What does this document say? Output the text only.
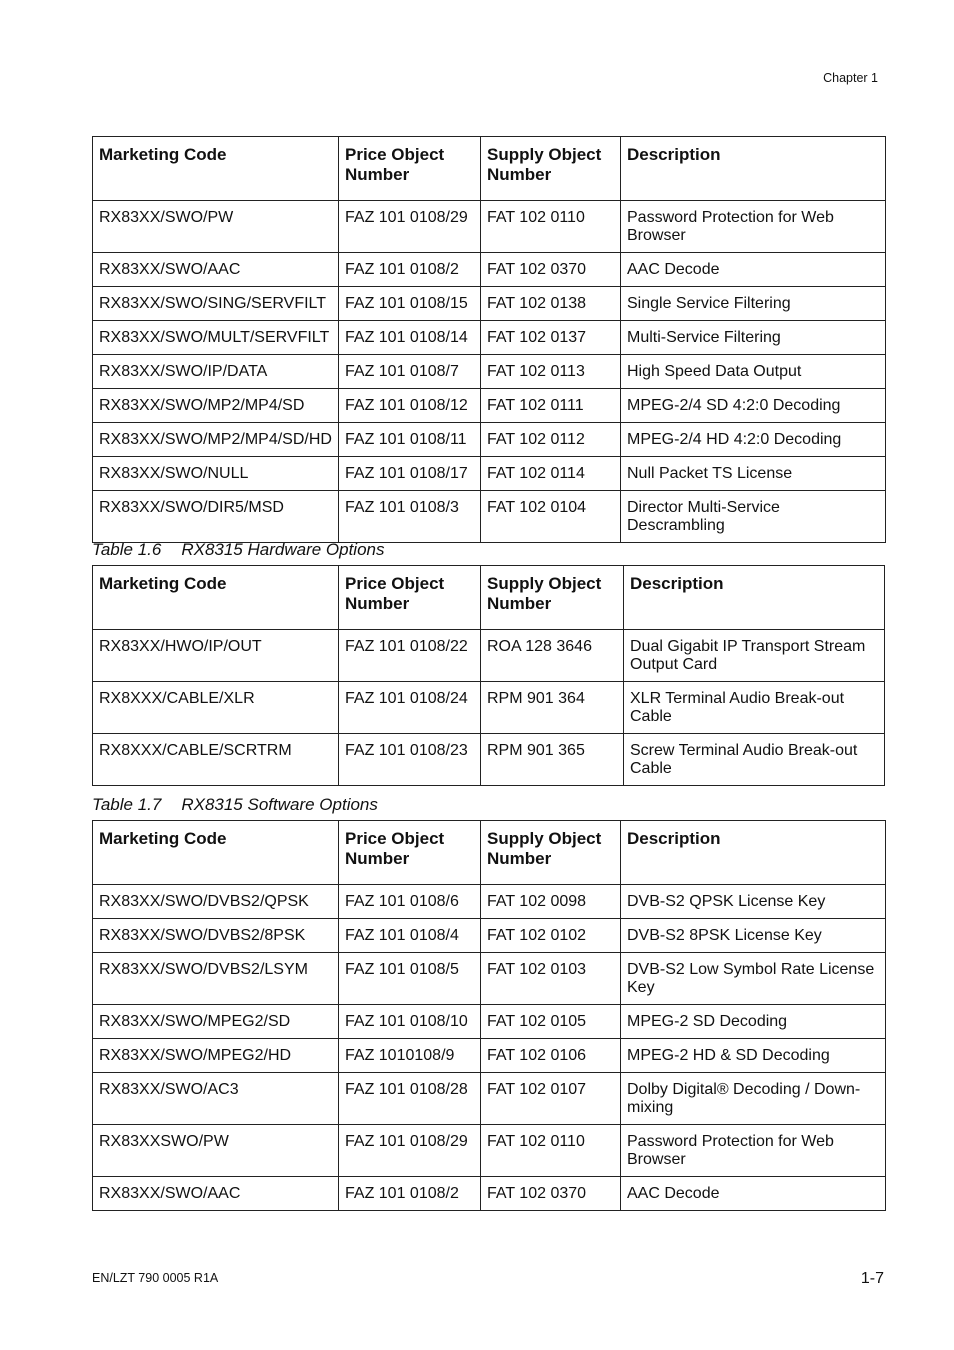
Chapter 1
Marketing Code	Price Object Number	Supply Object Number	Description
RX83XX/SWO/PW	FAZ 101 0108/29	FAT 102 0110	Password Protection for Web Browser
RX83XX/SWO/AAC	FAZ 101 0108/2	FAT 102 0370	AAC Decode
RX83XX/SWO/SING/SERVFILT	FAZ 101 0108/15	FAT 102 0138	Single Service Filtering
RX83XX/SWO/MULT/SERVFILT	FAZ 101 0108/14	FAT 102 0137	Multi-Service Filtering
RX83XX/SWO/IP/DATA	FAZ 101 0108/7	FAT 102 0113	High Speed Data Output
RX83XX/SWO/MP2/MP4/SD	FAZ 101 0108/12	FAT 102 0111	MPEG-2/4 SD 4:2:0 Decoding
RX83XX/SWO/MP2/MP4/SD/HD	FAZ 101 0108/11	FAT 102 0112	MPEG-2/4 HD 4:2:0 Decoding
RX83XX/SWO/NULL	FAZ 101 0108/17	FAT 102 0114	Null Packet TS License
RX83XX/SWO/DIR5/MSD	FAZ 101 0108/3	FAT 102 0104	Director Multi-Service Descrambling
Table 1.6 RX8315 Hardware Options
Marketing Code	Price Object Number	Supply Object Number	Description
RX83XX/HWO/IP/OUT	FAZ 101 0108/22	ROA 128 3646	Dual Gigabit IP Transport Stream Output Card
RX8XXX/CABLE/XLR	FAZ 101 0108/24	RPM 901 364	XLR Terminal Audio Break-out Cable
RX8XXX/CABLE/SCRTRM	FAZ 101 0108/23	RPM 901 365	Screw Terminal Audio Break-out Cable
Table 1.7 RX8315 Software Options
Marketing Code	Price Object Number	Supply Object Number	Description
RX83XX/SWO/DVBS2/QPSK	FAZ 101 0108/6	FAT 102 0098	DVB-S2 QPSK License Key
RX83XX/SWO/DVBS2/8PSK	FAZ 101 0108/4	FAT 102 0102	DVB-S2 8PSK License Key
RX83XX/SWO/DVBS2/LSYM	FAZ 101 0108/5	FAT 102 0103	DVB-S2 Low Symbol Rate License Key
RX83XX/SWO/MPEG2/SD	FAZ 101 0108/10	FAT 102 0105	MPEG-2 SD Decoding
RX83XX/SWO/MPEG2/HD	FAZ 1010108/9	FAT 102 0106	MPEG-2 HD & SD Decoding
RX83XX/SWO/AC3	FAZ 101 0108/28	FAT 102 0107	Dolby Digital® Decoding / Down-mixing
RX83XXSWO/PW	FAZ 101 0108/29	FAT 102 0110	Password Protection for Web Browser
RX83XX/SWO/AAC	FAZ 101 0108/2	FAT 102 0370	AAC Decode
EN/LZT 790 0005 R1A	1-7
